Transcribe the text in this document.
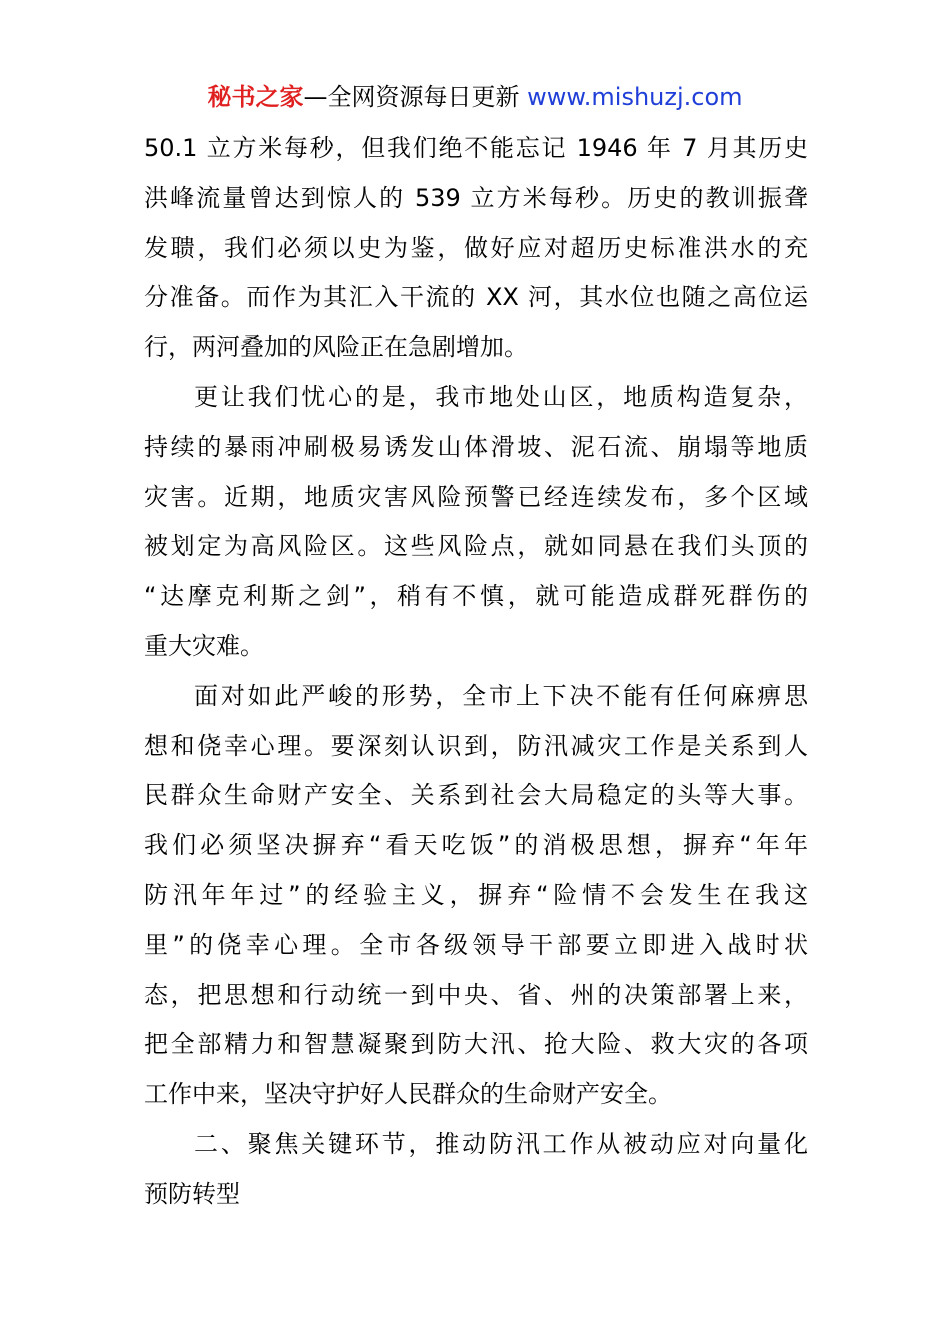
秘书之家—全网资源每日更新 www.mishuzj.com

50.1 立方米每秒，但我们绝不能忘记 1946 年 7 月其历史
洪峰流量曾达到惊人的 539 立方米每秒。历史的教训振聋
发聩，我们必须以史为鉴，做好应对超历史标准洪水的充
分准备。而作为其汇入干流的 XX 河，其水位也随之高位运
行，两河叠加的风险正在急剧增加。

更让我们忧心的是，我市地处山区，地质构造复杂，
持续的暴雨冲刷极易诱发山体滑坡、泥石流、崩塌等地质
灾害。近期，地质灾害风险预警已经连续发布，多个区域
被划定为高风险区。这些风险点，就如同悬在我们头顶的
“达摩克利斯之剑”，稍有不慎，就可能造成群死群伤的
重大灾难。

面对如此严峻的形势，全市上下决不能有任何麻痹思
想和侥幸心理。要深刻认识到，防汛减灾工作是关系到人
民群众生命财产安全、关系到社会大局稳定的头等大事。
我们必须坚决摒弃“看天吃饭”的消极思想，摒弃“年年
防汛年年过”的经验主义，摒弃“险情不会发生在我这
里”的侥幸心理。全市各级领导干部要立即进入战时状
态，把思想和行动统一到中央、省、州的决策部署上来，
把全部精力和智慧凝聚到防大汛、抢大险、救大灾的各项
工作中来，坚决守护好人民群众的生命财产安全。

二、聚焦关键环节，推动防汛工作从被动应对向量化
预防转型
